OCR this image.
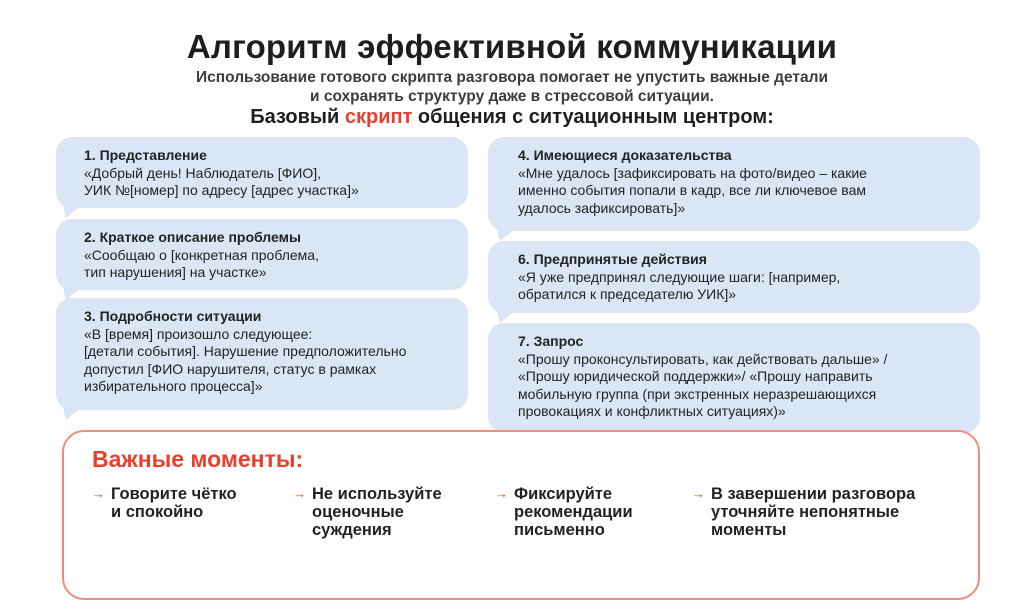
Алгоритм эффективной коммуникации
Использование готового скрипта разговора помогает не упустить важные детали
и сохранять структуру даже в стрессовой ситуации.
Базовый скрипт общения с ситуационным центром:
1. Представление
«Добрый день! Наблюдатель [ФИО],
УИК №[номер] по адресу [адрес участка]»
2. Краткое описание проблемы
«Сообщаю о [конкретная проблема,
тип нарушения] на участке»
3. Подробности ситуации
«В [время] произошло следующее:
[детали события]. Нарушение предположительно
допустил [ФИО нарушителя, статус в рамках
избирательного процесса]»
4. Имеющиеся доказательства
«Мне удалось [зафиксировать на фото/видео – какие
именно события попали в кадр, все ли ключевое вам
удалось зафиксировать]»
6. Предпринятые действия
«Я уже предпринял следующие шаги: [например,
обратился к председателю УИК]»
7. Запрос
«Прошу проконсультировать, как действовать дальше» /
«Прошу юридической поддержки»/ «Прошу направить
мобильную группа (при экстренных неразрешающихся
провокациях и конфликтных ситуациях)»
Важные моменты:
→ Говорите чётко
и спокойно
→ Не используйте
оценочные
суждения
→ Фиксируйте
рекомендации
письменно
→ В завершении разговора
уточняйте непонятные
моменты
